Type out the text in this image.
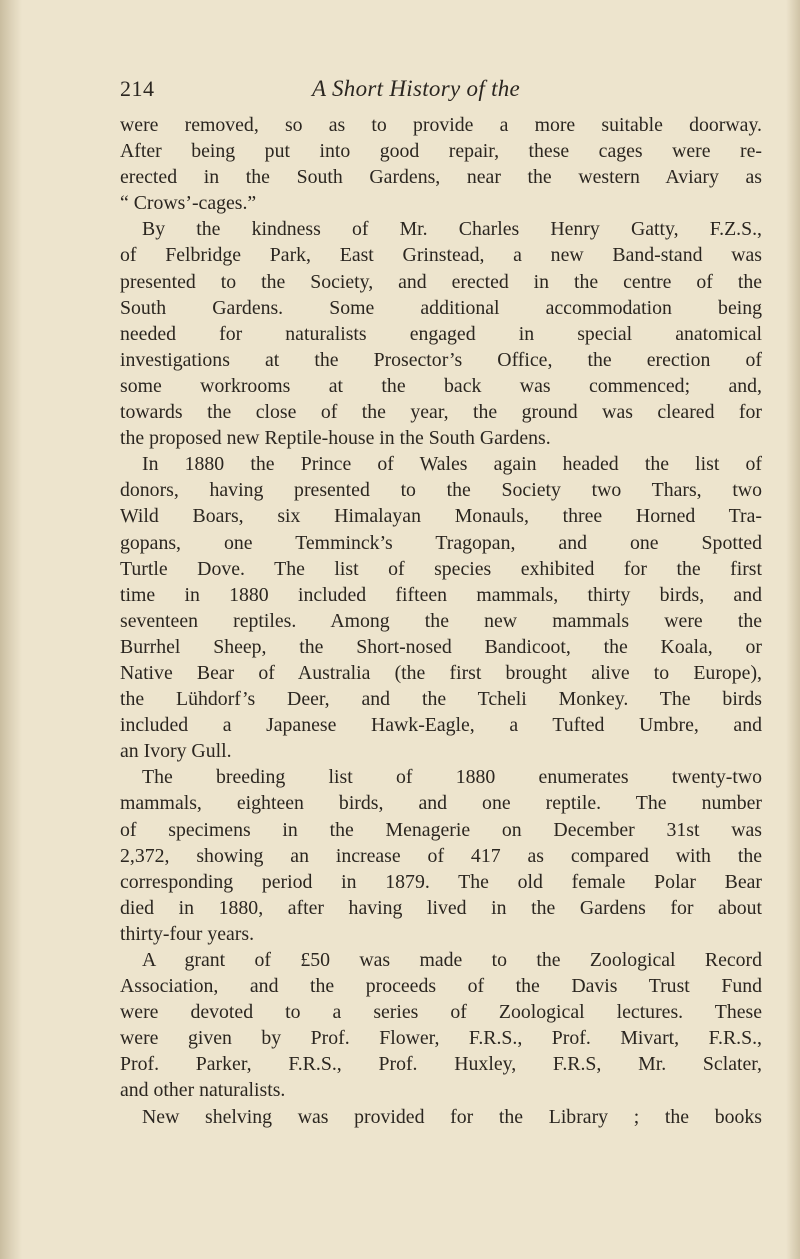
214	A Short History of the
were removed, so as to provide a more suitable doorway.
After being put into good repair, these cages were re-
erected in the South Gardens, near the western Aviary as
“ Crows’-cages.”
By the kindness of Mr. Charles Henry Gatty, F.Z.S.,
of Felbridge Park, East Grinstead, a new Band-stand was
presented to the Society, and erected in the centre of the
South Gardens. Some additional accommodation being
needed for naturalists engaged in special anatomical
investigations at the Prosector’s Office, the erection of
some workrooms at the back was commenced; and,
towards the close of the year, the ground was cleared for
the proposed new Reptile-house in the South Gardens.
In 1880 the Prince of Wales again headed the list of
donors, having presented to the Society two Thars, two
Wild Boars, six Himalayan Monauls, three Horned Tra-
gopans, one Temminck’s Tragopan, and one Spotted
Turtle Dove. The list of species exhibited for the first
time in 1880 included fifteen mammals, thirty birds, and
seventeen reptiles. Among the new mammals were the
Burrhel Sheep, the Short-nosed Bandicoot, the Koala, or
Native Bear of Australia (the first brought alive to Europe),
the Lühdorf’s Deer, and the Tcheli Monkey. The birds
included a Japanese Hawk-Eagle, a Tufted Umbre, and
an Ivory Gull.
The breeding list of 1880 enumerates twenty-two
mammals, eighteen birds, and one reptile. The number
of specimens in the Menagerie on December 31st was
2,372, showing an increase of 417 as compared with the
corresponding period in 1879. The old female Polar Bear
died in 1880, after having lived in the Gardens for about
thirty-four years.
A grant of £50 was made to the Zoological Record
Association, and the proceeds of the Davis Trust Fund
were devoted to a series of Zoological lectures. These
were given by Prof. Flower, F.R.S., Prof. Mivart, F.R.S.,
Prof. Parker, F.R.S., Prof. Huxley, F.R.S, Mr. Sclater,
and other naturalists.
New shelving was provided for the Library ; the books
